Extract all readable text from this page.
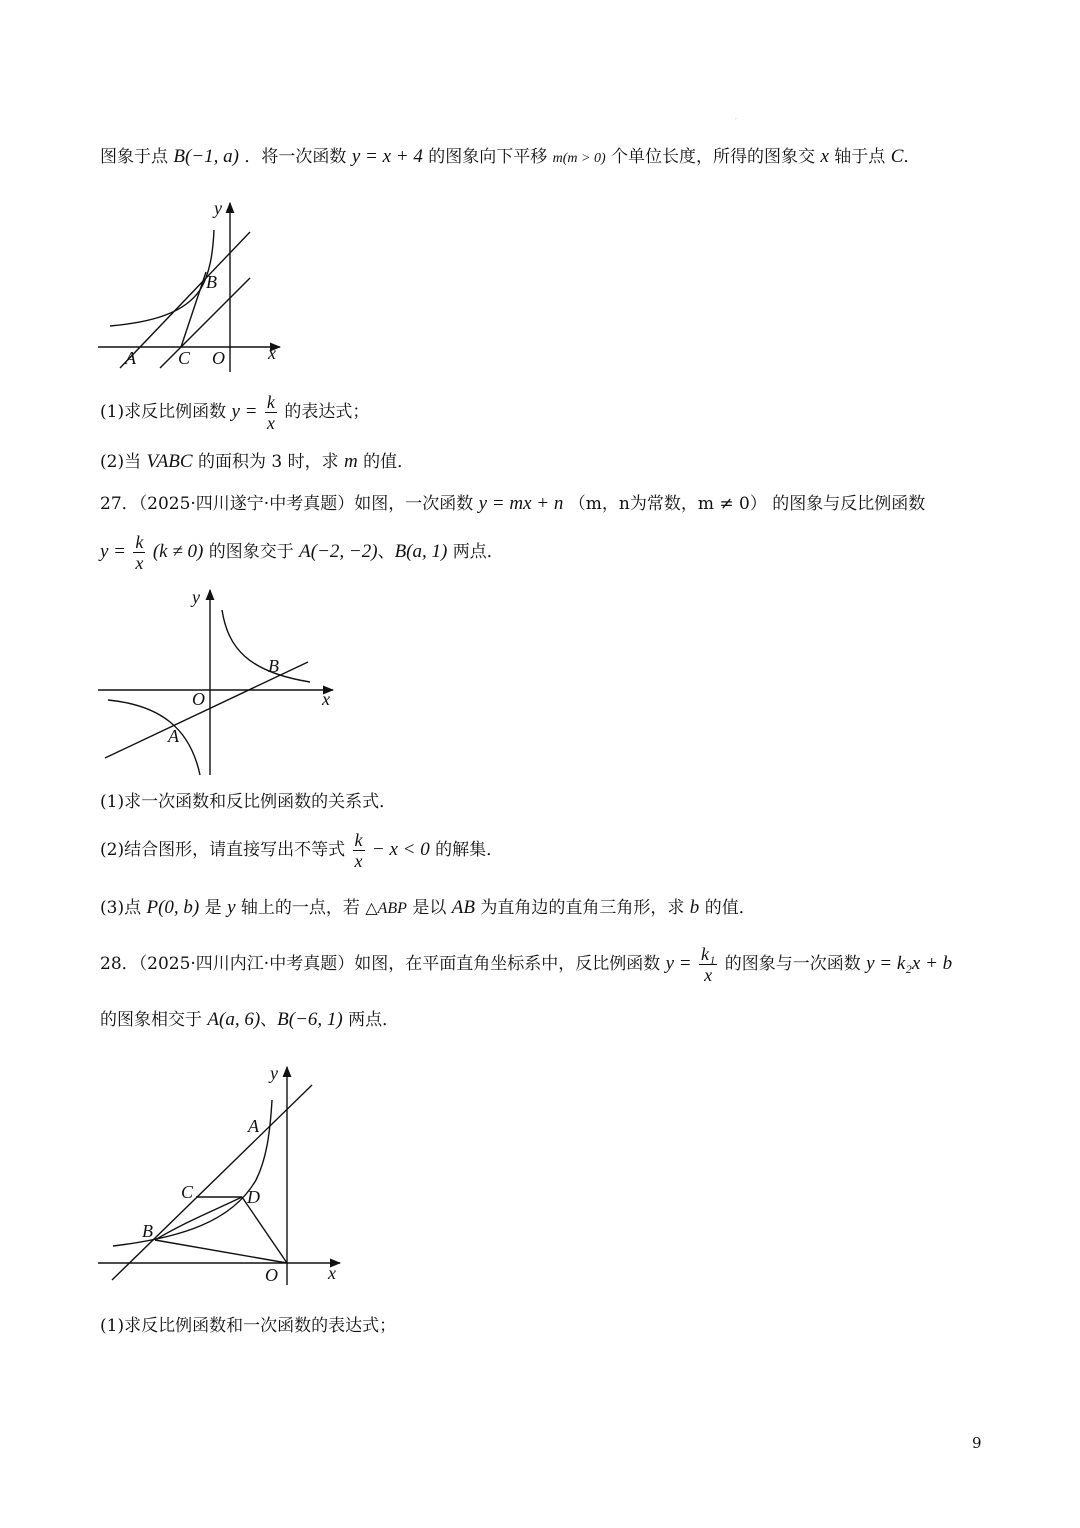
.
图象于点 B(−1, a) ．将一次函数 y = x + 4 的图象向下平移 m(m > 0) 个单位长度，所得的图象交 x 轴于点 C．
y
B
A C O x
(1)求反比例函数 $y = \frac{k}{x}$ 的表达式；
(2)当 VABC 的面积为 3 时，求 m 的值．
27．（2025·四川遂宁·中考真题）如图，一次函数 y = mx + n （m，n为常数，m ≠ 0） 的图象与反比例函数
$y = \frac{k}{x} (k \ne 0)$ 的图象交于 A(−2, −2)、B(a, 1) 两点．
y
B
O	x
A
(1)求一次函数和反比例函数的关系式．
(2)结合图形，请直接写出不等式 $\frac{k}{x} - x < 0$ 的解集．
(3)点 P(0, b) 是 y 轴上的一点，若 △ABP 是以 AB 为直角边的直角三角形，求 b 的值．
28．（2025·四川内江·中考真题）如图，在平面直角坐标系中，反比例函数 $y = \frac{\text{k₁}}{x}$ 的图象与一次函数 y = k₂x + b
的图象相交于 A(a, 6)、B(−6, 1) 两点．
y
A
C	D
B
O	x
(1)求反比例函数和一次函数的表达式；
9
